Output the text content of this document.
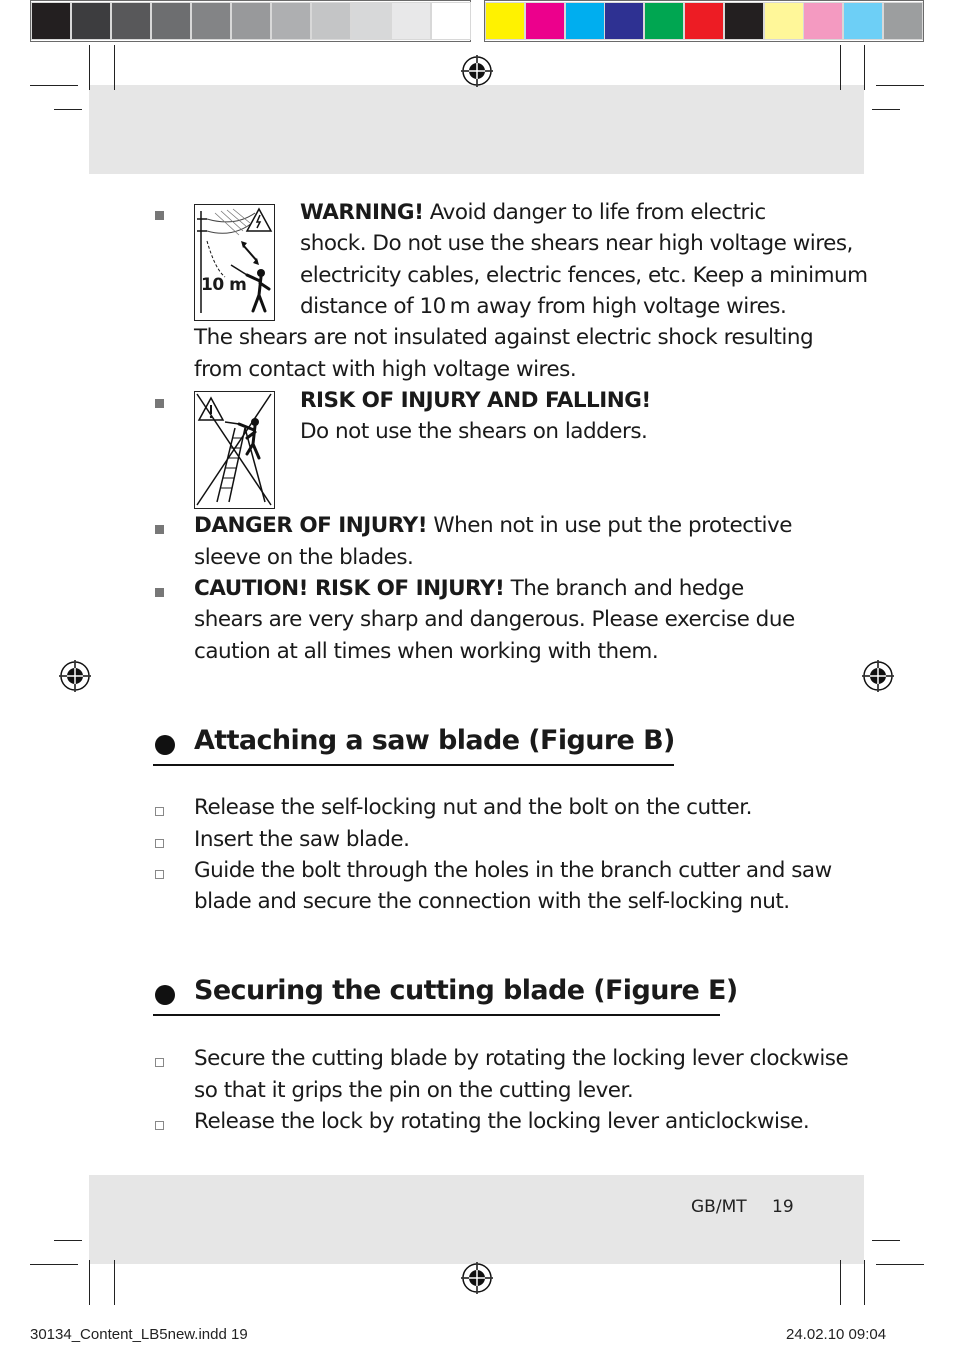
10 m
WARNING! Avoid danger to life from electric
shock. Do not use the shears near high voltage wires,
electricity cables, electric fences, etc. Keep a minimum
distance of 10 m away from high voltage wires.
The shears are not insulated against electric shock resulting
from contact with high voltage wires.
RISK OF INJURY AND FALLING!
Do not use the shears on ladders.
DANGER OF INJURY! When not in use put the protective
sleeve on the blades.
CAUTION! RISK OF INJURY! The branch and hedge
shears are very sharp and dangerous. Please exercise due
caution at all times when working with them.
Attaching a saw blade (Figure B)
Release the self-locking nut and the bolt on the cutter.
Insert the saw blade.
Guide the bolt through the holes in the branch cutter and saw
blade and secure the connection with the self-locking nut.
Securing the cutting blade (Figure E)
Secure the cutting blade by rotating the locking lever clockwise
so that it grips the pin on the cutting lever.
Release the lock by rotating the locking lever anticlockwise.
GB/MT 19
30134_Content_LB5new.indd 19	24.02.10 09:04
